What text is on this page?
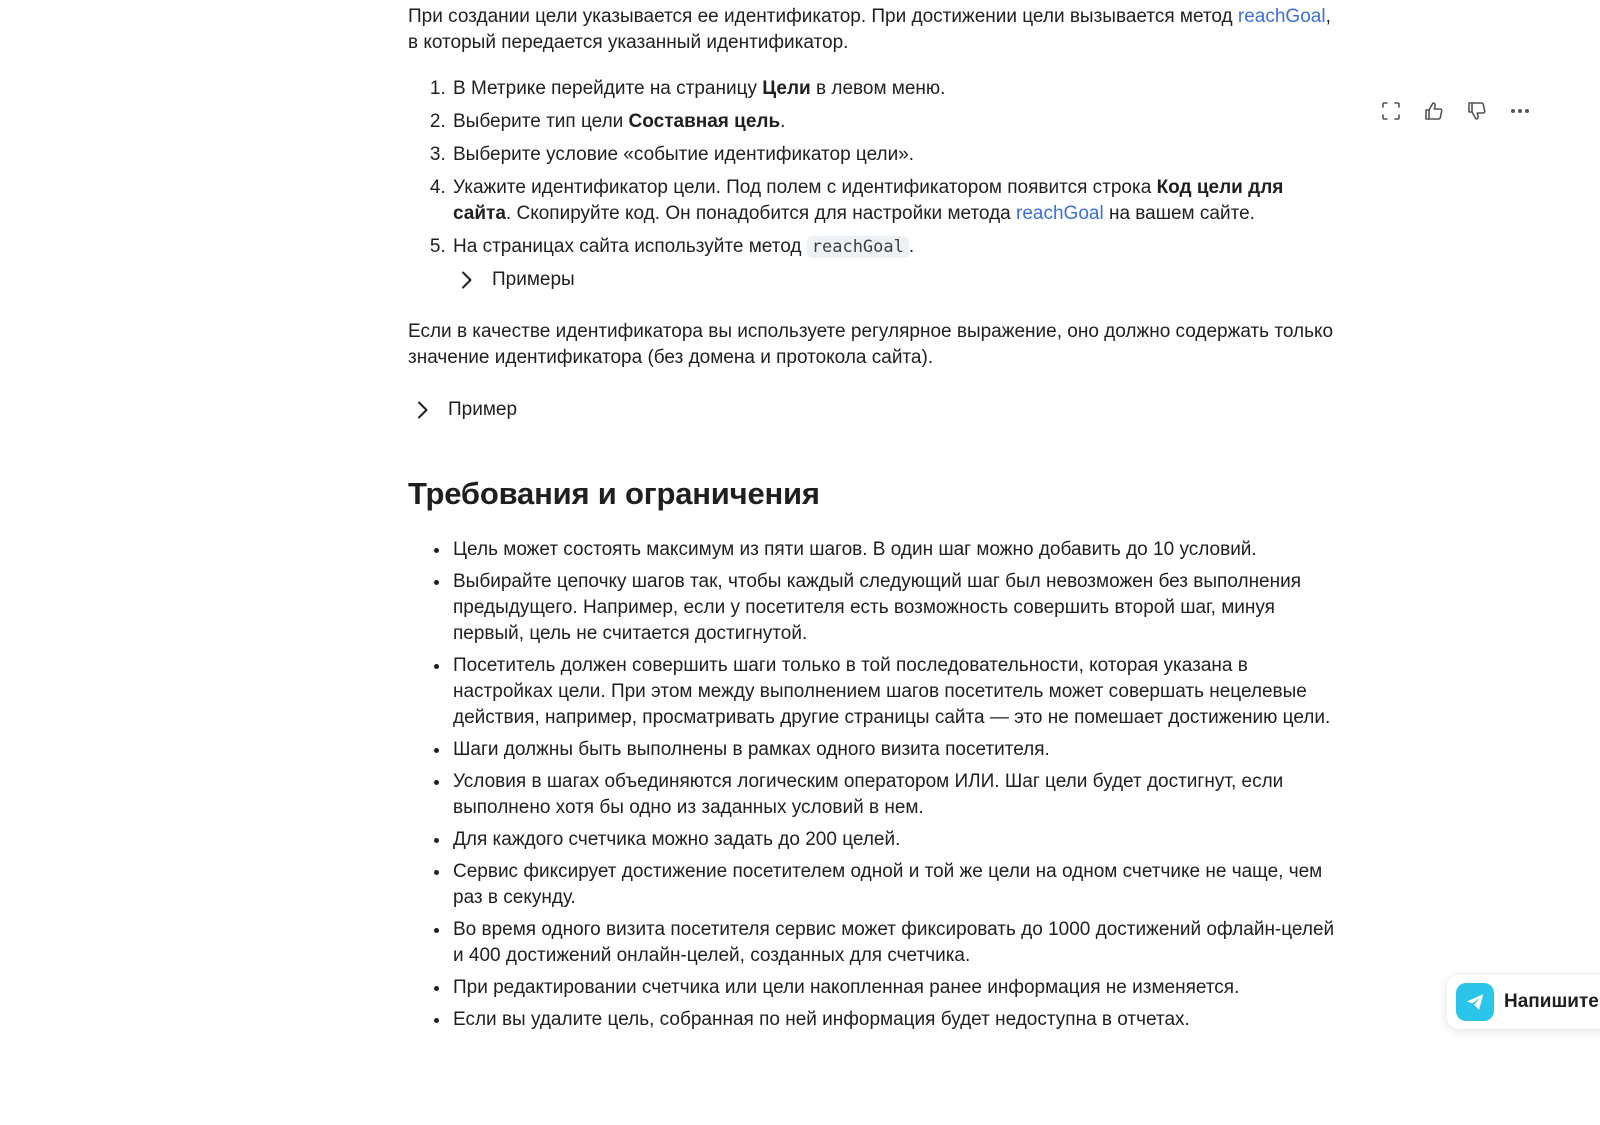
При создании цели указывается ее идентификатор. При достижении цели вызывается метод reachGoal, в который передается указанный идентификатор.

1. В Метрике перейдите на страницу Цели в левом меню.
2. Выберите тип цели Составная цель.
3. Выберите условие «событие идентификатор цели».
4. Укажите идентификатор цели. Под полем с идентификатором появится строка Код цели для сайта. Скопируйте код. Он понадобится для настройки метода reachGoal на вашем сайте.
5. На страницах сайта используйте метод reachGoal .
Примеры

Если в качестве идентификатора вы используете регулярное выражение, оно должно содержать только значение идентификатора (без домена и протокола сайта).

Пример
Требования и ограничения
• Цель может состоять максимум из пяти шагов. В один шаг можно добавить до 10 условий.
• Выбирайте цепочку шагов так, чтобы каждый следующий шаг был невозможен без выполнения предыдущего. Например, если у посетителя есть возможность совершить второй шаг, минуя первый, цель не считается достигнутой.
• Посетитель должен совершить шаги только в той последовательности, которая указана в настройках цели. При этом между выполнением шагов посетитель может совершать нецелевые действия, например, просматривать другие страницы сайта — это не помешает достижению цели.
• Шаги должны быть выполнены в рамках одного визита посетителя.
• Условия в шагах объединяются логическим оператором ИЛИ. Шаг цели будет достигнут, если выполнено хотя бы одно из заданных условий в нем.
• Для каждого счетчика можно задать до 200 целей.
• Сервис фиксирует достижение посетителем одной и той же цели на одном счетчике не чаще, чем раз в секунду.
• Во время одного визита посетителя сервис может фиксировать до 1000 достижений офлайн-целей и 400 достижений онлайн-целей, созданных для счетчика.
• При редактировании счетчика или цели накопленная ранее информация не изменяется.
• Если вы удалите цель, собранная по ней информация будет недоступна в отчетах.
Напишите
